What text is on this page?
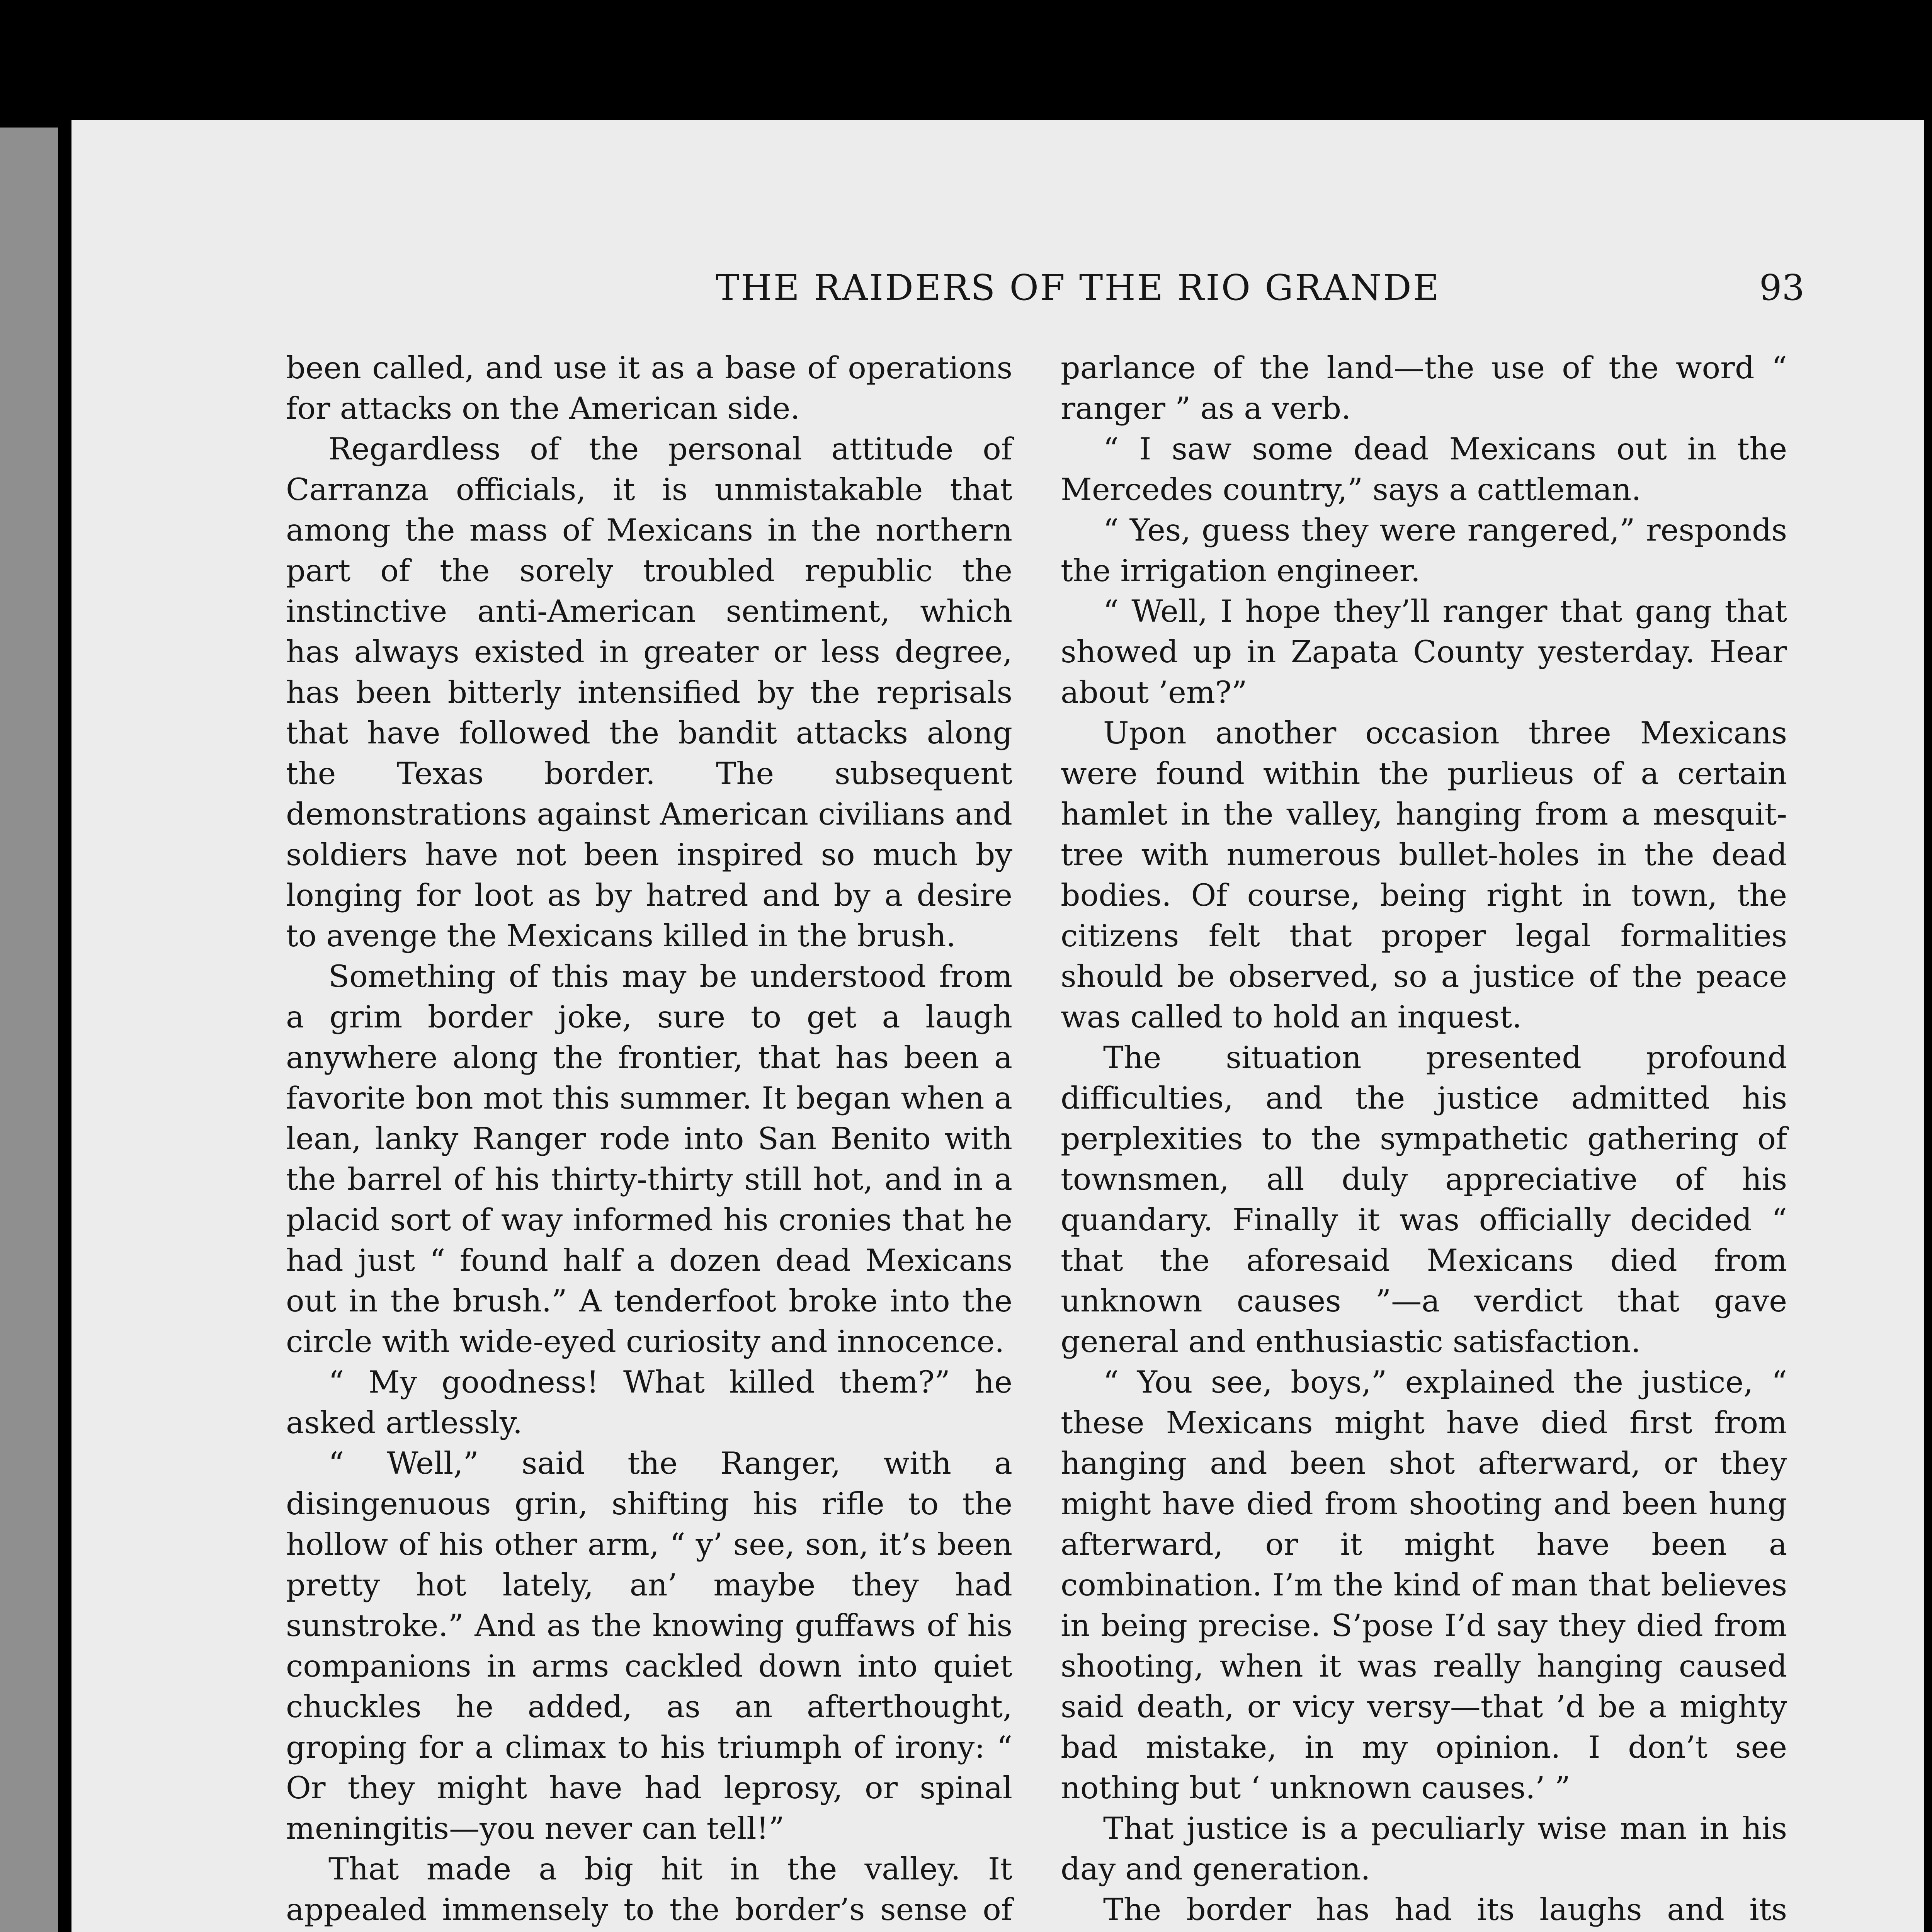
THE RAIDERS OF THE RIO GRANDE	93

been called, and use it as a base of operations for attacks on the American side.

Regardless of the personal attitude of Carranza officials, it is unmistakable that among the mass of Mexicans in the northern part of the sorely troubled republic the instinctive anti-American sentiment, which has always existed in greater or less degree, has been bitterly intensified by the reprisals that have followed the bandit attacks along the Texas border. The subsequent demonstrations against American civilians and soldiers have not been inspired so much by longing for loot as by hatred and by a desire to avenge the Mexicans killed in the brush.

Something of this may be understood from a grim border joke, sure to get a laugh anywhere along the frontier, that has been a favorite bon mot this summer. It began when a lean, lanky Ranger rode into San Benito with the barrel of his thirty-thirty still hot, and in a placid sort of way informed his cronies that he had just “ found half a dozen dead Mexicans out in the brush.” A tenderfoot broke into the circle with wide-eyed curiosity and innocence.

“ My goodness! What killed them?” he asked artlessly.

“ Well,” said the Ranger, with a disingenuous grin, shifting his rifle to the hollow of his other arm, “ y’ see, son, it’s been pretty hot lately, an’ maybe they had sunstroke.” And as the knowing guffaws of his companions in arms cackled down into quiet chuckles he added, as an afterthought, groping for a climax to his triumph of irony: “ Or they might have had leprosy, or spinal meningitis—you never can tell!”

That made a big hit in the valley. It appealed immensely to the border’s sense of

parlance of the land—the use of the word “ ranger ” as a verb.

“ I saw some dead Mexicans out in the Mercedes country,” says a cattleman.

“ Yes, guess they were rangered,” responds the irrigation engineer.

“ Well, I hope they’ll ranger that gang that showed up in Zapata County yesterday. Hear about ’em?”

Upon another occasion three Mexicans were found within the purlieus of a certain hamlet in the valley, hanging from a mesquit-tree with numerous bullet-holes in the dead bodies. Of course, being right in town, the citizens felt that proper legal formalities should be observed, so a justice of the peace was called to hold an inquest.

The situation presented profound difficulties, and the justice admitted his perplexities to the sympathetic gathering of townsmen, all duly appreciative of his quandary. Finally it was officially decided “ that the aforesaid Mexicans died from unknown causes ”—a verdict that gave general and enthusiastic satisfaction.

“ You see, boys,” explained the justice, “ these Mexicans might have died first from hanging and been shot afterward, or they might have died from shooting and been hung afterward, or it might have been a combination. I’m the kind of man that believes in being precise. S’pose I’d say they died from shooting, when it was really hanging caused said death, or vicy versy—that ’d be a mighty bad mistake, in my opinion. I don’t see nothing but ‘ unknown causes.’ ”

That justice is a peculiarly wise man in his day and generation.

The border has had its laughs and its
